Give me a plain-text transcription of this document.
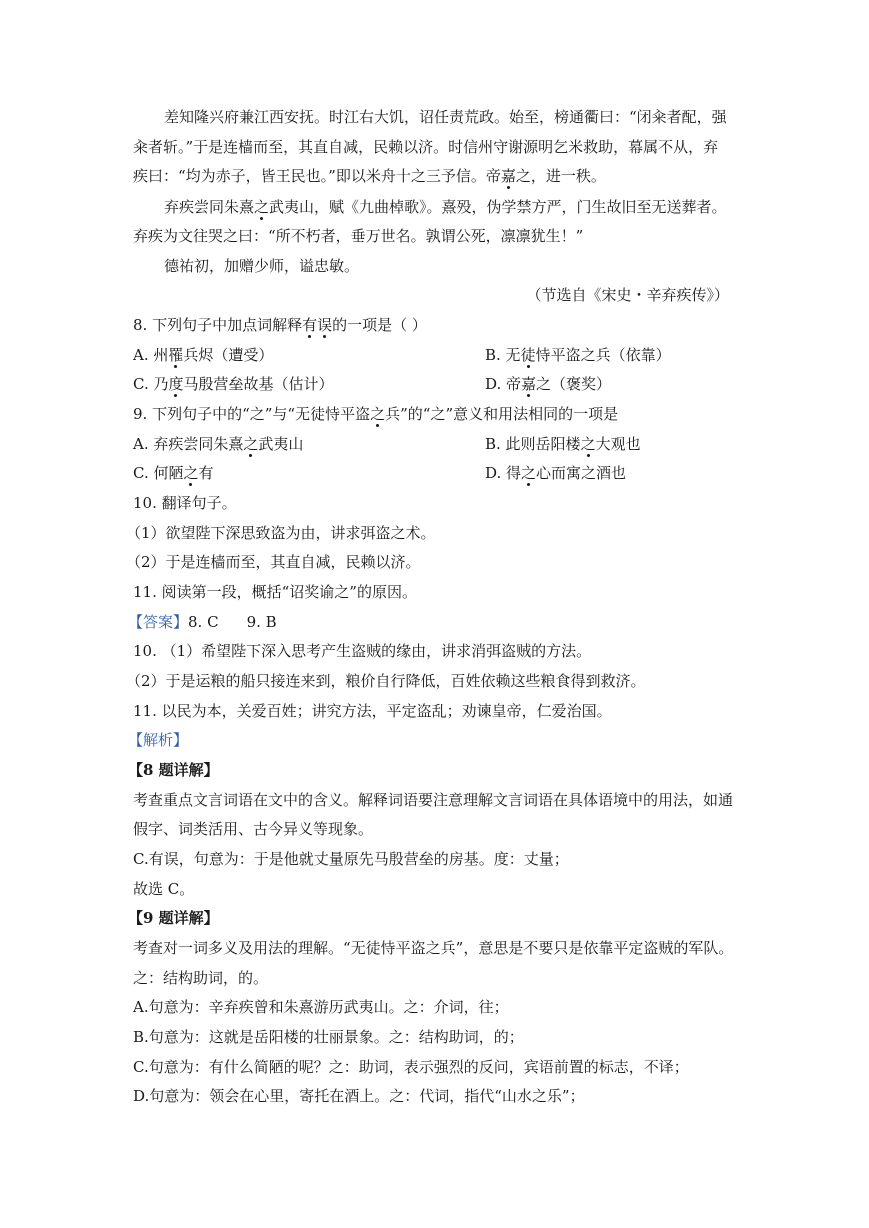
差知隆兴府兼江西安抚。时江右大饥，诏任责荒政。始至，榜通衢曰：“闭籴者配，强
籴者斩。”于是连樯而至，其直自减，民赖以济。时信州守谢源明乞米救助，幕属不从，弃
疾曰：“均为赤子，皆王民也。”即以米舟十之三予信。帝嘉之，进一秩。
弃疾尝同朱熹之武夷山，赋《九曲棹歌》。熹殁，伪学禁方严，门生故旧至无送葬者。
弃疾为文往哭之曰：“所不朽者，垂万世名。孰谓公死，凛凛犹生！”
德祐初，加赠少师，谥忠敏。
（节选自《宋史・辛弃疾传》）
8. 下列句子中加点词解释有误的一项是（ ）
A. 州罹兵烬（遭受）	B. 无徒恃平盗之兵（依靠）
C. 乃度马殷营垒故基（估计）	D. 帝嘉之（褒奖）
9. 下列句子中的“之”与“无徒恃平盗之兵”的“之”意义和用法相同的一项是
A. 弃疾尝同朱熹之武夷山	B. 此则岳阳楼之大观也
C. 何陋之有	D. 得之心而寓之酒也
10. 翻译句子。
（1）欲望陛下深思致盗为由，讲求弭盗之术。
（2）于是连樯而至，其直自减，民赖以济。
11. 阅读第一段，概括“诏奖谕之”的原因。
【答案】8. C 9. B
10. （1）希望陛下深入思考产生盗贼的缘由，讲求消弭盗贼的方法。
（2）于是运粮的船只接连来到，粮价自行降低，百姓依赖这些粮食得到救济。
11. 以民为本，关爱百姓；讲究方法，平定盗乱；劝谏皇帝，仁爱治国。
【解析】
【8 题详解】
考查重点文言词语在文中的含义。解释词语要注意理解文言词语在具体语境中的用法，如通
假字、词类活用、古今异义等现象。
C.有误，句意为：于是他就丈量原先马殷营垒的房基。度：丈量；
故选 C。
【9 题详解】
考查对一词多义及用法的理解。“无徒恃平盗之兵”，意思是不要只是依靠平定盗贼的军队。
之：结构助词，的。
A.句意为：辛弃疾曾和朱熹游历武夷山。之：介词，往；
B.句意为：这就是岳阳楼的壮丽景象。之：结构助词，的；
C.句意为：有什么简陋的呢？之：助词，表示强烈的反问，宾语前置的标志，不译；
D.句意为：领会在心里，寄托在酒上。之：代词，指代“山水之乐”；
